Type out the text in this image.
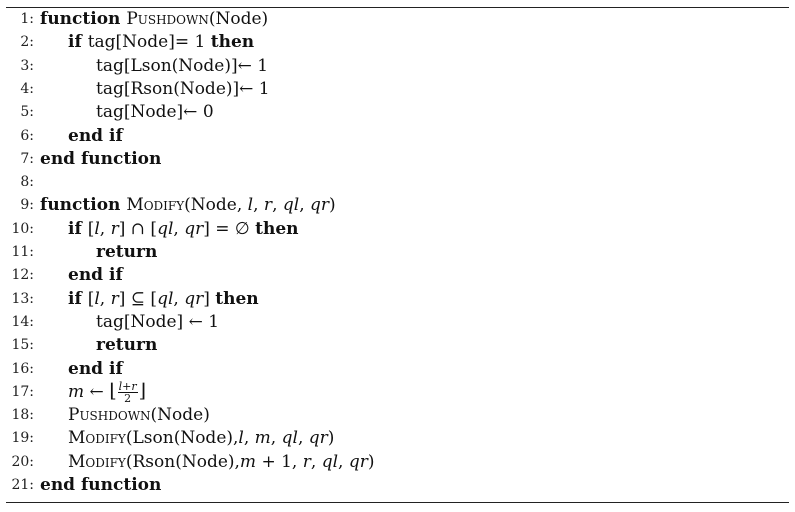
1: function Pushdown(Node)
2:	if tag[Node]= 1 then
3:	tag[Lson(Node)]← 1
4:	tag[Rson(Node)]← 1
5:	tag[Node]← 0
6:	end if
7: end function
8:
9: function Modify(Node, l, r, ql, qr)
10:	if [l, r] ∩ [ql, qr] = ∅ then
11:	return
12:	end if
13:	if [l, r] ⊆ [ql, qr] then
14:	tag[Node] ← 1
15:	return
16:	end if
17:	m ← ⌊ $\frac{l+r}{2}$ ⌋
18:	Pushdown(Node)
19:	Modify(Lson(Node),l, m, ql, qr)
20:	Modify(Rson(Node),m + 1, r, ql, qr)
21: end function
